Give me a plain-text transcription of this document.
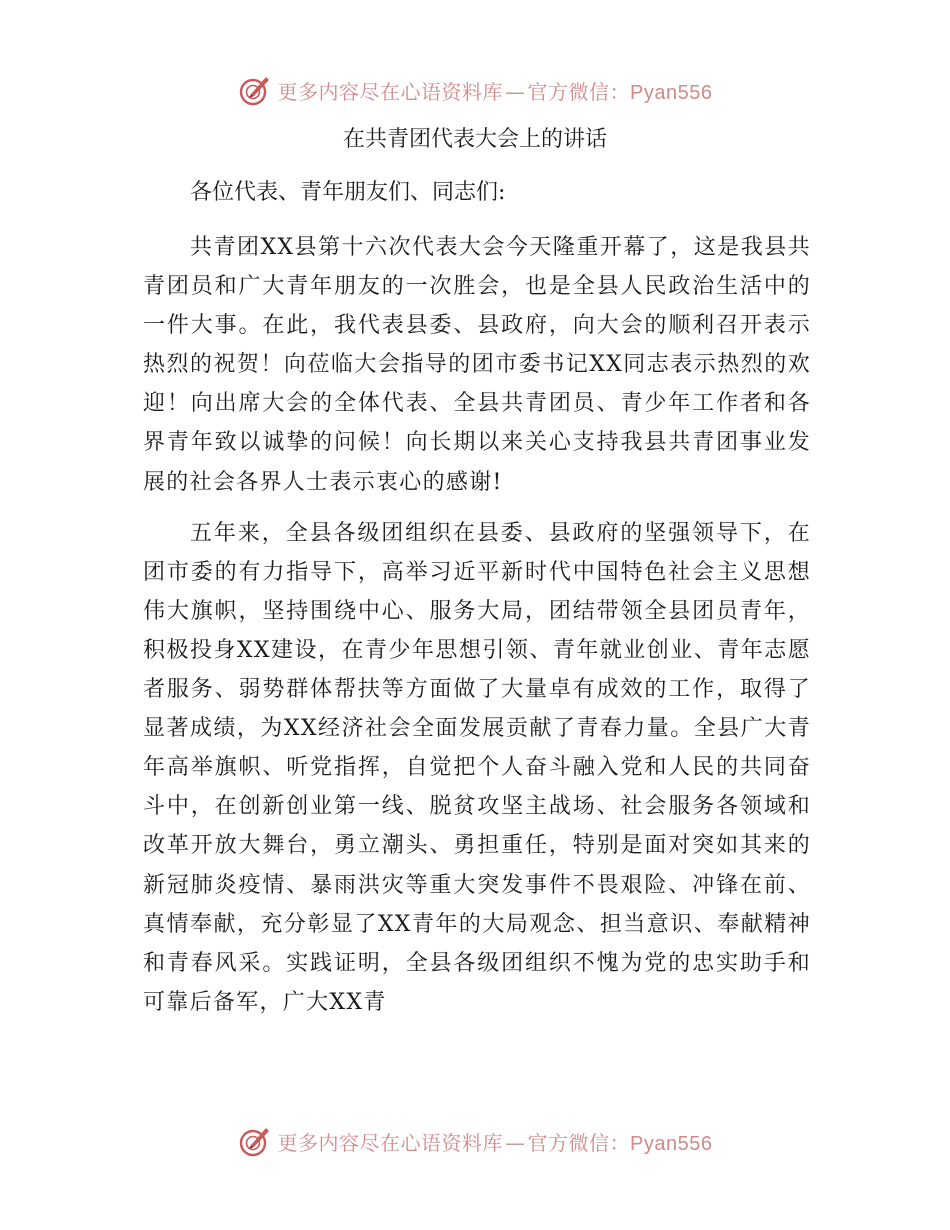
更多内容尽在心语资料库 — 官方微信：Pyan556
在共青团代表大会上的讲话

各位代表、青年朋友们、同志们:

共青团XX县第十六次代表大会今天隆重开幕了，这是我县共青团员和广大青年朋友的一次胜会，也是全县人民政治生活中的一件大事。在此，我代表县委、县政府，向大会的顺利召开表示热烈的祝贺！向莅临大会指导的团市委书记XX同志表示热烈的欢迎！向出席大会的全体代表、全县共青团员、青少年工作者和各界青年致以诚挚的问候！向长期以来关心支持我县共青团事业发展的社会各界人士表示衷心的感谢!

五年来，全县各级团组织在县委、县政府的坚强领导下，在团市委的有力指导下，高举习近平新时代中国特色社会主义思想伟大旗帜，坚持围绕中心、服务大局，团结带领全县团员青年，积极投身XX建设，在青少年思想引领、青年就业创业、青年志愿者服务、弱势群体帮扶等方面做了大量卓有成效的工作，取得了显著成绩，为XX经济社会全面发展贡献了青春力量。全县广大青年高举旗帜、听党指挥，自觉把个人奋斗融入党和人民的共同奋斗中，在创新创业第一线、脱贫攻坚主战场、社会服务各领域和改革开放大舞台，勇立潮头、勇担重任，特别是面对突如其来的新冠肺炎疫情、暴雨洪灾等重大突发事件不畏艰险、冲锋在前、真情奉献，充分彰显了XX青年的大局观念、担当意识、奉献精神和青春风采。实践证明，全县各级团组织不愧为党的忠实助手和可靠后备军，广大XX青

更多内容尽在心语资料库 — 官方微信：Pyan556
